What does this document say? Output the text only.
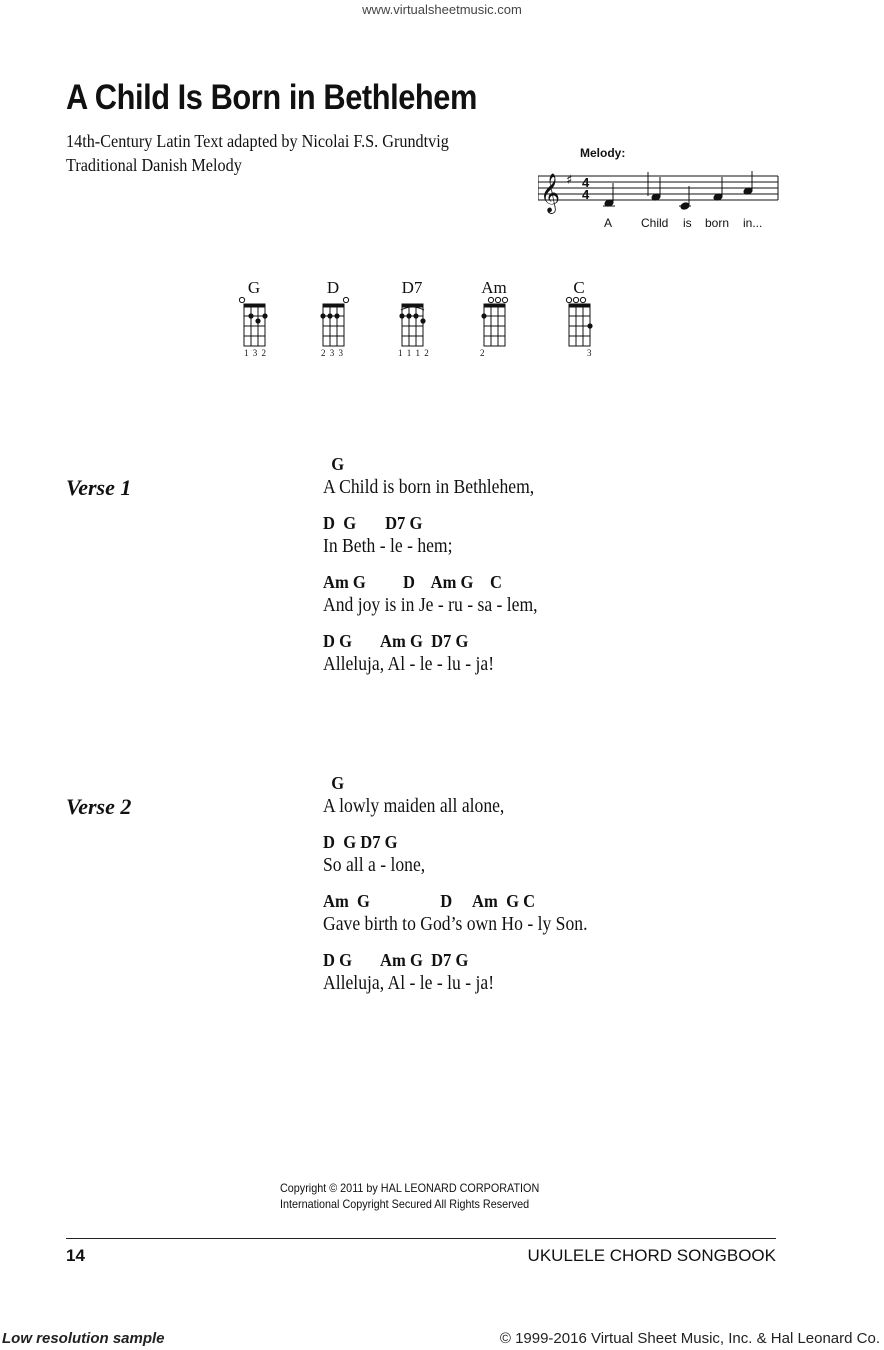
www.virtualsheetmusic.com
A Child Is Born in Bethlehem
14th-Century Latin Text adapted by Nicolai F.S. Grundtvig
Traditional Danish Melody
Melody:
𝄞 ♯ 4
4
A Child is born in...
G
1 3 2
D
2 3 3
D7
1 1 1 2
Am
2
C
3
Verse 1
G
A Child is born in Bethlehem,
D  G       D7 G
In Beth - le - hem;
Am G         D    Am G    C
And joy is in Je - ru - sa - lem,
D G       Am G  D7 G
Alleluja, Al - le - lu - ja!
Verse 2
G
A lowly maiden all alone,
D  G D7 G
So all a - lone,
Am  G                 D     Am  G C
Gave birth to God’s own Ho - ly Son.
D G       Am G  D7 G
Alleluja, Al - le - lu - ja!
Copyright © 2011 by HAL LEONARD CORPORATION
International Copyright Secured All Rights Reserved
14	UKULELE CHORD SONGBOOK
Low resolution sample	© 1999-2016 Virtual Sheet Music, Inc. & Hal Leonard Co.
